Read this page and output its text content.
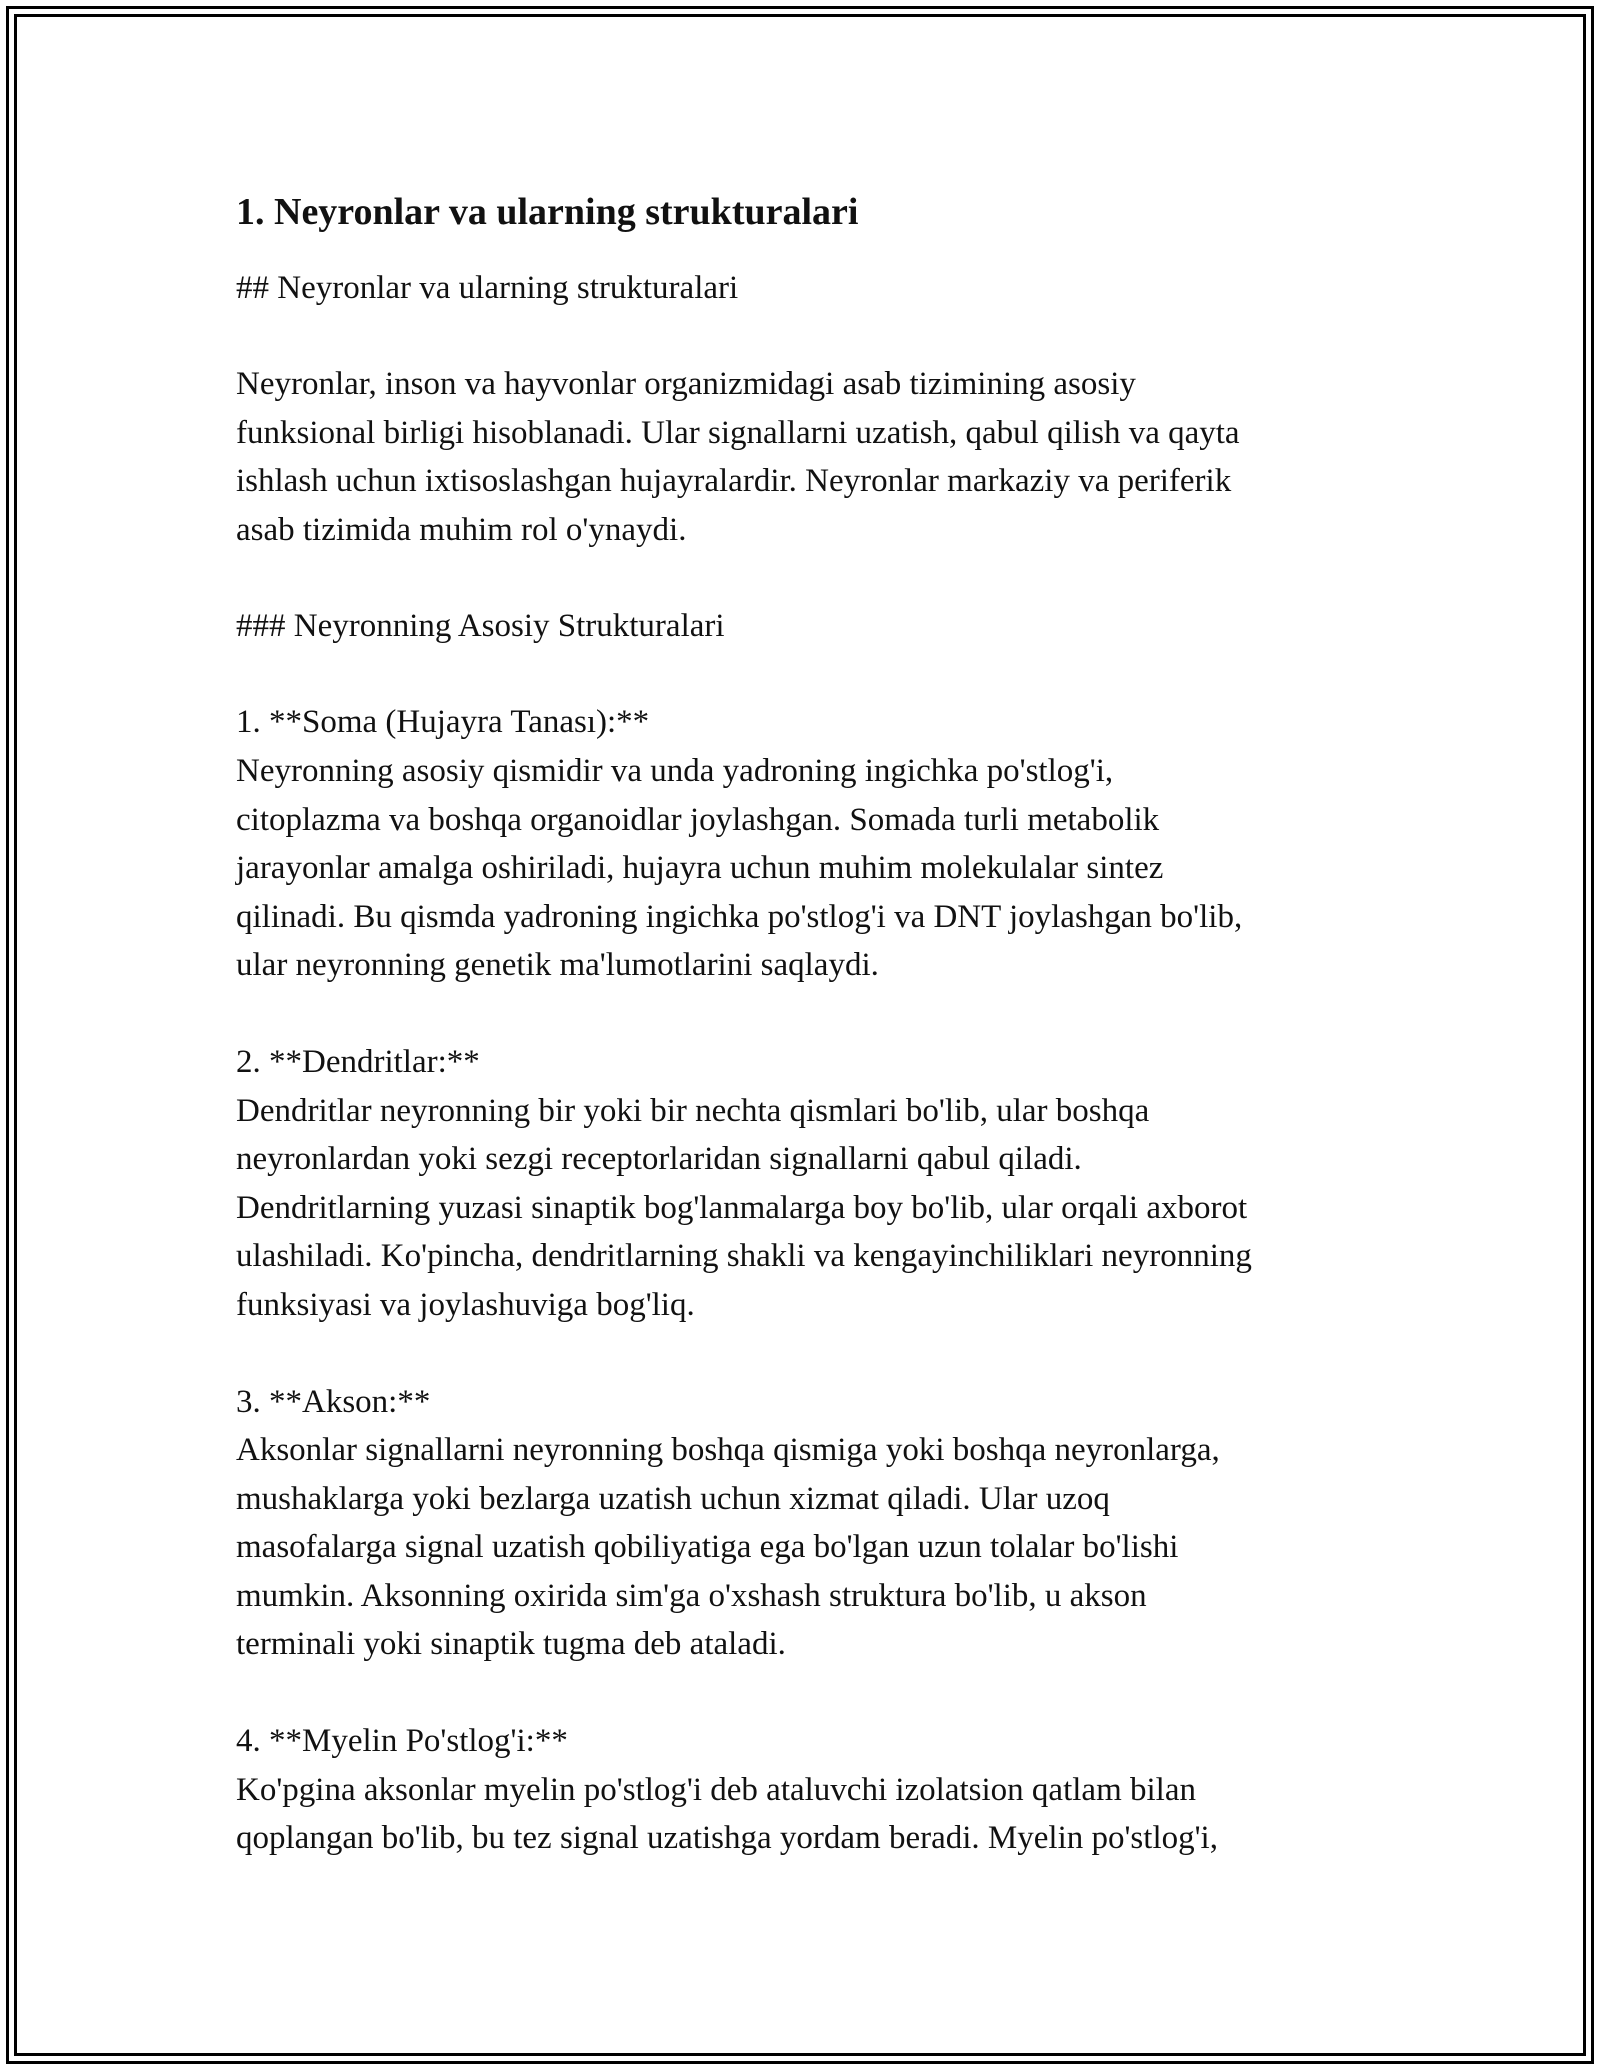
1. Neyronlar va ularning strukturalari
## Neyronlar va ularning strukturalari
Neyronlar, inson va hayvonlar organizmidagi asab tizimining asosiy
funksional birligi hisoblanadi. Ular signallarni uzatish, qabul qilish va qayta
ishlash uchun ixtisoslashgan hujayralardir. Neyronlar markaziy va periferik
asab tizimida muhim rol o'ynaydi.
### Neyronning Asosiy Strukturalari
1. **Soma (Hujayra Tanası):**
Neyronning asosiy qismidir va unda yadroning ingichka po'stlog'i,
citoplazma va boshqa organoidlar joylashgan. Somada turli metabolik
jarayonlar amalga oshiriladi, hujayra uchun muhim molekulalar sintez
qilinadi. Bu qismda yadroning ingichka po'stlog'i va DNT joylashgan bo'lib,
ular neyronning genetik ma'lumotlarini saqlaydi.
2. **Dendritlar:**
Dendritlar neyronning bir yoki bir nechta qismlari bo'lib, ular boshqa
neyronlardan yoki sezgi receptorlaridan signallarni qabul qiladi.
Dendritlarning yuzasi sinaptik bog'lanmalarga boy bo'lib, ular orqali axborot
ulashiladi. Ko'pincha, dendritlarning shakli va kengayinchiliklari neyronning
funksiyasi va joylashuviga bog'liq.
3. **Akson:**
Aksonlar signallarni neyronning boshqa qismiga yoki boshqa neyronlarga,
mushaklarga yoki bezlarga uzatish uchun xizmat qiladi. Ular uzoq
masofalarga signal uzatish qobiliyatiga ega bo'lgan uzun tolalar bo'lishi
mumkin. Aksonning oxirida sim'ga o'xshash struktura bo'lib, u akson
terminali yoki sinaptik tugma deb ataladi.
4. **Myelin Po'stlog'i:**
Ko'pgina aksonlar myelin po'stlog'i deb ataluvchi izolatsion qatlam bilan
qoplangan bo'lib, bu tez signal uzatishga yordam beradi. Myelin po'stlog'i,
